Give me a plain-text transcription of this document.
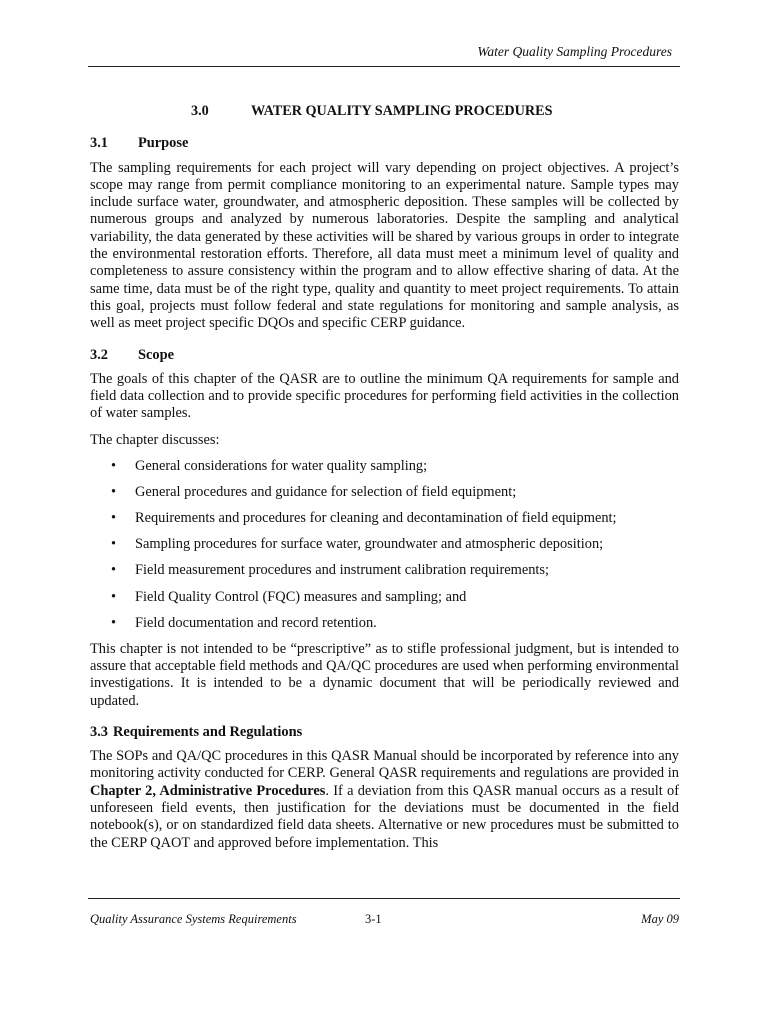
Water Quality Sampling Procedures
3.0	WATER QUALITY SAMPLING PROCEDURES
3.1 Purpose

The sampling requirements for each project will vary depending on project objectives. A project’s scope may range from permit compliance monitoring to an experimental nature. Sample types may include surface water, groundwater, and atmospheric deposition. These samples will be collected by numerous groups and analyzed by numerous laboratories. Despite the sampling and analytical variability, the data generated by these activities will be shared by various groups in order to integrate the environmental restoration efforts. Therefore, all data must meet a minimum level of quality and completeness to assure consistency within the program and to allow effective sharing of data. At the same time, data must be of the right type, quality and quantity to meet project requirements. To attain this goal, projects must follow federal and state regulations for monitoring and sample analysis, as well as meet project specific DQOs and specific CERP guidance.

3.2 Scope

The goals of this chapter of the QASR are to outline the minimum QA requirements for sample and field data collection and to provide specific procedures for performing field activities in the collection of water samples.

The chapter discusses:

• General considerations for water quality sampling;
• General procedures and guidance for selection of field equipment;
• Requirements and procedures for cleaning and decontamination of field equipment;
• Sampling procedures for surface water, groundwater and atmospheric deposition;
• Field measurement procedures and instrument calibration requirements;
• Field Quality Control (FQC) measures and sampling; and
• Field documentation and record retention.

This chapter is not intended to be “prescriptive” as to stifle professional judgment, but is intended to assure that acceptable field methods and QA/QC procedures are used when performing environmental investigations. It is intended to be a dynamic document that will be periodically reviewed and updated.

3.3 Requirements and Regulations

The SOPs and QA/QC procedures in this QASR Manual should be incorporated by reference into any monitoring activity conducted for CERP. General QASR requirements and regulations are provided in Chapter 2, Administrative Procedures. If a deviation from this QASR manual occurs as a result of unforeseen field events, then justification for the deviations must be documented in the field notebook(s), or on standardized field data sheets. Alternative or new procedures must be submitted to the CERP QAOT and approved before implementation. This

Quality Assurance Systems Requirements	3-1	May 09
